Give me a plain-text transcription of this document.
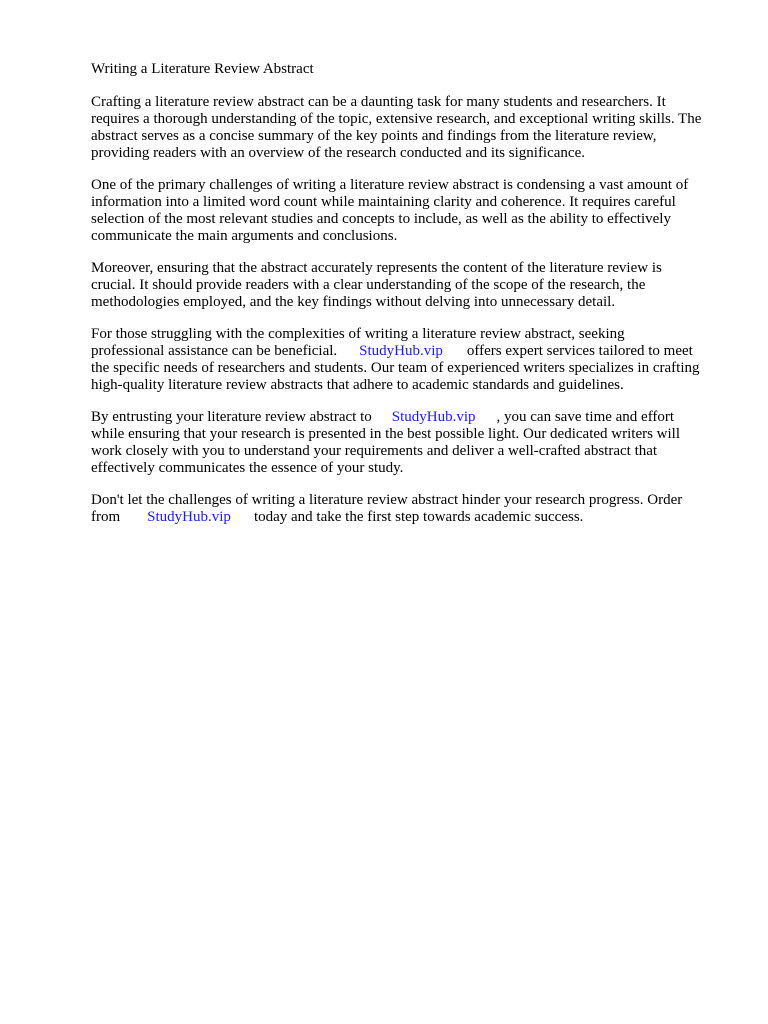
Writing a Literature Review Abstract
Crafting a literature review abstract can be a daunting task for many students and researchers. It
requires a thorough understanding of the topic, extensive research, and exceptional writing skills. The
abstract serves as a concise summary of the key points and findings from the literature review,
providing readers with an overview of the research conducted and its significance.
One of the primary challenges of writing a literature review abstract is condensing a vast amount of
information into a limited word count while maintaining clarity and coherence. It requires careful
selection of the most relevant studies and concepts to include, as well as the ability to effectively
communicate the main arguments and conclusions.
Moreover, ensuring that the abstract accurately represents the content of the literature review is
crucial. It should provide readers with a clear understanding of the scope of the research, the
methodologies employed, and the key findings without delving into unnecessary detail.
For those struggling with the complexities of writing a literature review abstract, seeking
professional assistance can be beneficial. StudyHub.vip offers expert services tailored to meet
the specific needs of researchers and students. Our team of experienced writers specializes in crafting
high-quality literature review abstracts that adhere to academic standards and guidelines.
By entrusting your literature review abstract to StudyHub.vip , you can save time and effort
while ensuring that your research is presented in the best possible light. Our dedicated writers will
work closely with you to understand your requirements and deliver a well-crafted abstract that
effectively communicates the essence of your study.
Don't let the challenges of writing a literature review abstract hinder your research progress. Order
from StudyHub.vip today and take the first step towards academic success.
